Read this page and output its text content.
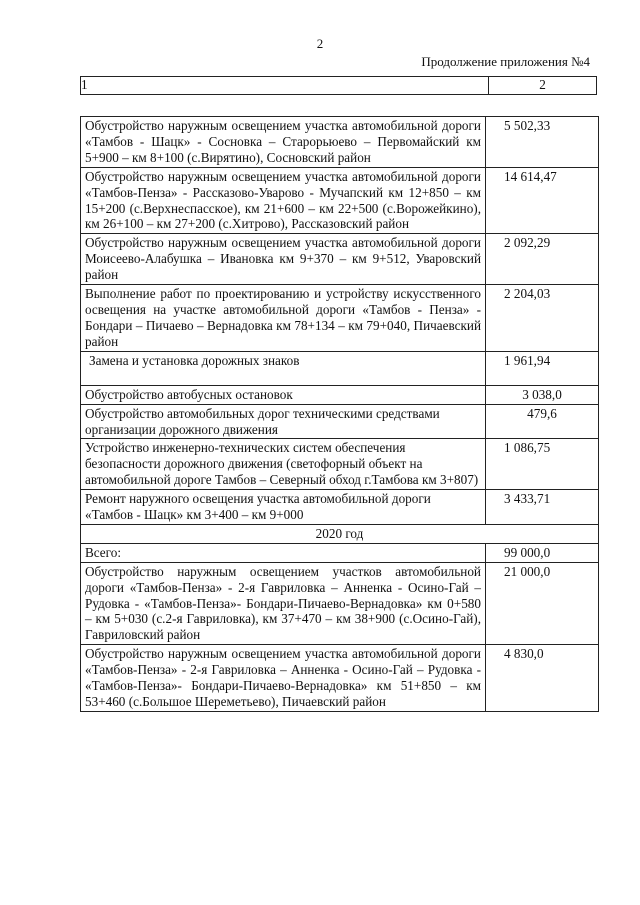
2
Продолжение приложения №4
1	2
Обустройство наружным освещением участка автомобильной дороги «Тамбов - Шацк» - Сосновка – Старорьюево – Первомайский км 5+900 – км 8+100 (с.Вирятино), Сосновский район	5 502,33

Обустройство наружным освещением участка автомобильной дороги «Тамбов-Пенза» - Рассказово-Уварово - Мучапский км 12+850 – км 15+200 (с.Верхнеспасское), км 21+600 – км 22+500 (с.Ворожейкино), км 26+100 – км 27+200 (с.Хитрово), Рассказовский район	14 614,47

Обустройство наружным освещением участка автомобильной дороги Моисеево-Алабушка – Ивановка км 9+370 – км 9+512, Уваровский район	2 092,29

Выполнение работ по проектированию и устройству искусственного освещения на участке автомобильной дороги «Тамбов - Пенза» - Бондари – Пичаево – Вернадовка км 78+134 – км 79+040, Пичаевский район	2 204,03

Замена и установка дорожных знаков	1 961,94

Обустройство автобусных остановок	3 038,0

Обустройство автомобильных дорог техническими средствами организации дорожного движения	479,6

Устройство инженерно-технических систем обеспечения безопасности дорожного движения (светофорный объект на автомобильной дороге Тамбов – Северный обход г.Тамбова км 3+807)	1 086,75

Ремонт наружного освещения участка автомобильной дороги «Тамбов - Шацк» км 3+400 – км 9+000	3 433,71

2020 год	
Всего:	99 000,0

Обустройство наружным освещением участков автомобильной дороги «Тамбов-Пенза» - 2-я Гавриловка – Анненка - Осино-Гай – Рудовка - «Тамбов-Пенза»- Бондари-Пичаево-Вернадовка» км 0+580 – км 5+030 (с.2-я Гавриловка), км 37+470 – км 38+900 (с.Осино-Гай), Гавриловский район	21 000,0

Обустройство наружным освещением участка автомобильной дороги «Тамбов-Пенза» - 2-я Гавриловка – Анненка - Осино-Гай – Рудовка - «Тамбов-Пенза»- Бондари-Пичаево-Вернадовка» км 51+850 – км 53+460 (с.Большое Шереметьево), Пичаевский район	4 830,0
